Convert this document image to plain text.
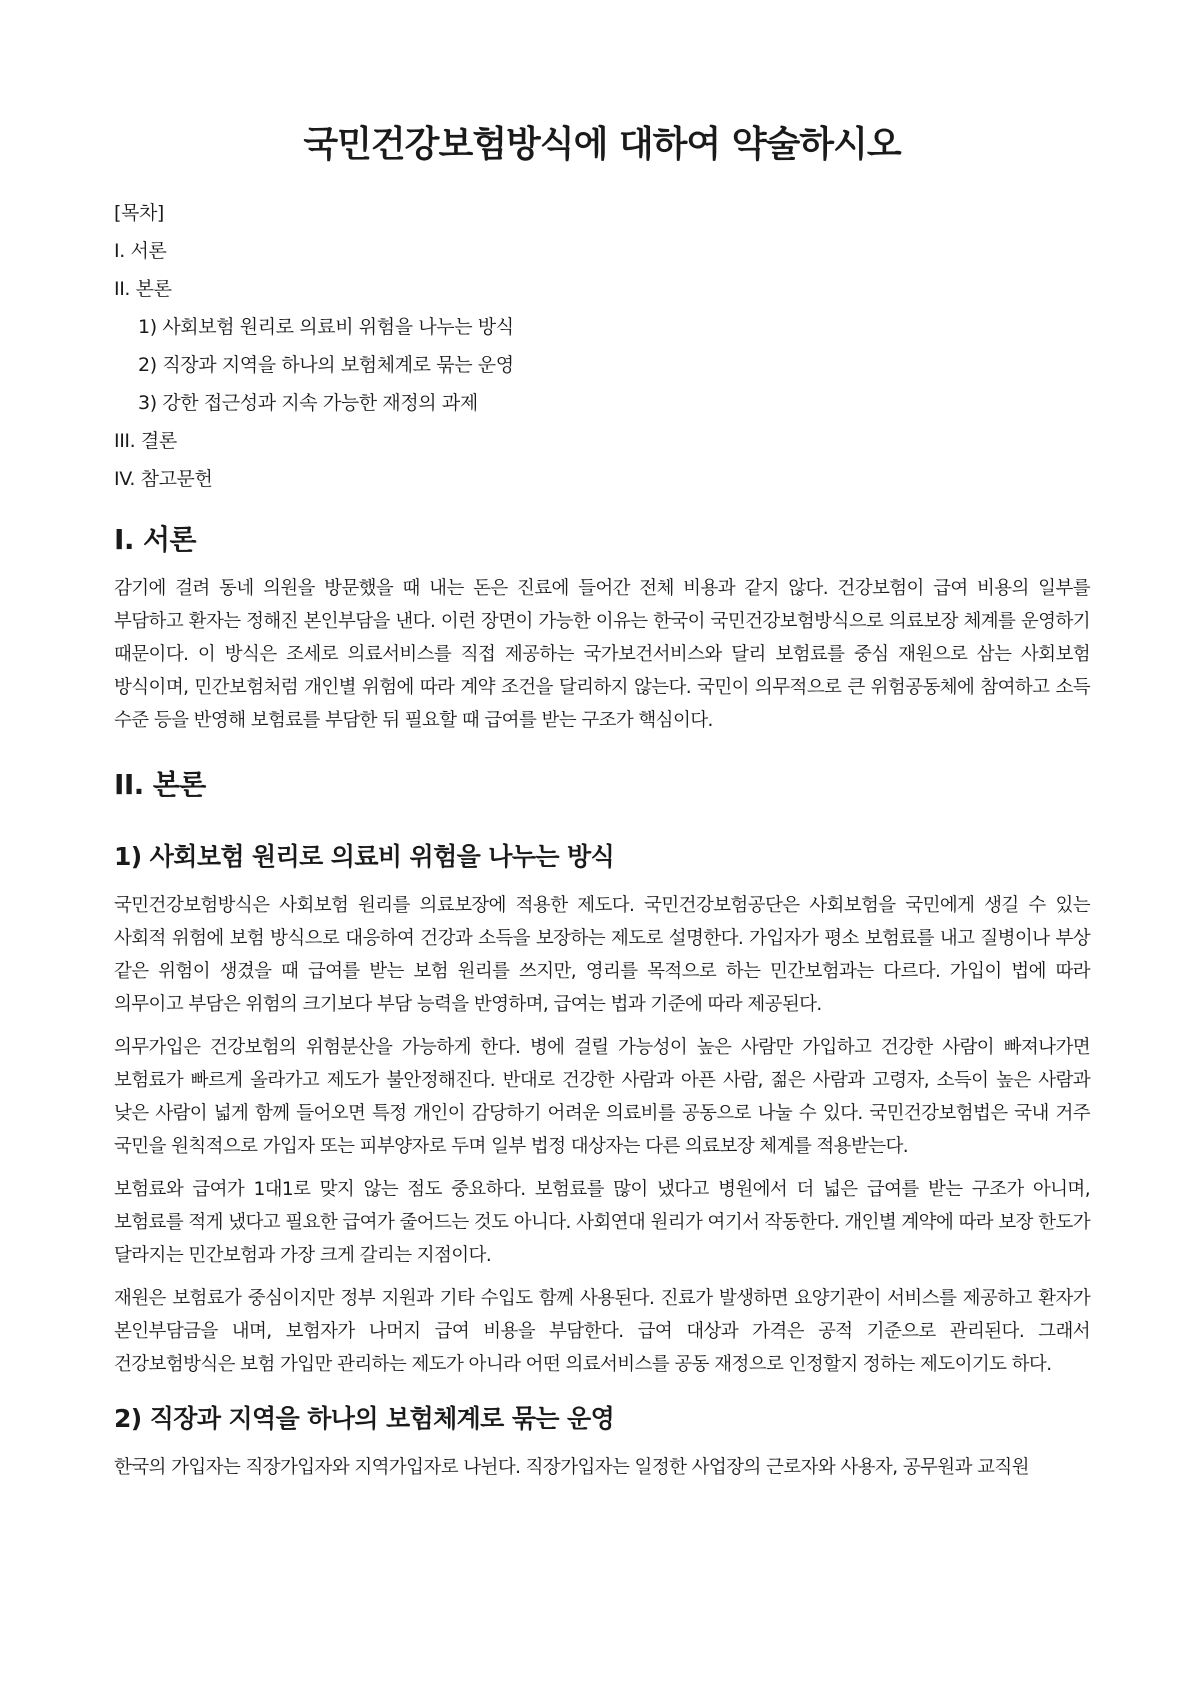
국민건강보험방식에 대하여 약술하시오
[목차]
I. 서론
II. 본론
1) 사회보험 원리로 의료비 위험을 나누는 방식
2) 직장과 지역을 하나의 보험체계로 묶는 운영
3) 강한 접근성과 지속 가능한 재정의 과제
III. 결론
IV. 참고문헌
I. 서론

감기에 걸려 동네 의원을 방문했을 때 내는 돈은 진료에 들어간 전체 비용과 같지 않다. 건강보험이 급여 비용의 일부를 부담하고 환자는 정해진 본인부담을 낸다. 이런 장면이 가능한 이유는 한국이 국민건강보험방식으로 의료보장 체계를 운영하기 때문이다. 이 방식은 조세로 의료서비스를 직접 제공하는 국가보건서비스와 달리 보험료를 중심 재원으로 삼는 사회보험 방식이며, 민간보험처럼 개인별 위험에 따라 계약 조건을 달리하지 않는다. 국민이 의무적으로 큰 위험공동체에 참여하고 소득 수준 등을 반영해 보험료를 부담한 뒤 필요할 때 급여를 받는 구조가 핵심이다.

II. 본론
1) 사회보험 원리로 의료비 위험을 나누는 방식

국민건강보험방식은 사회보험 원리를 의료보장에 적용한 제도다. 국민건강보험공단은 사회보험을 국민에게 생길 수 있는 사회적 위험에 보험 방식으로 대응하여 건강과 소득을 보장하는 제도로 설명한다. 가입자가 평소 보험료를 내고 질병이나 부상 같은 위험이 생겼을 때 급여를 받는 보험 원리를 쓰지만, 영리를 목적으로 하는 민간보험과는 다르다. 가입이 법에 따라 의무이고 부담은 위험의 크기보다 부담 능력을 반영하며, 급여는 법과 기준에 따라 제공된다.

의무가입은 건강보험의 위험분산을 가능하게 한다. 병에 걸릴 가능성이 높은 사람만 가입하고 건강한 사람이 빠져나가면 보험료가 빠르게 올라가고 제도가 불안정해진다. 반대로 건강한 사람과 아픈 사람, 젊은 사람과 고령자, 소득이 높은 사람과 낮은 사람이 넓게 함께 들어오면 특정 개인이 감당하기 어려운 의료비를 공동으로 나눌 수 있다. 국민건강보험법은 국내 거주 국민을 원칙적으로 가입자 또는 피부양자로 두며 일부 법정 대상자는 다른 의료보장 체계를 적용받는다.

보험료와 급여가 1대1로 맞지 않는 점도 중요하다. 보험료를 많이 냈다고 병원에서 더 넓은 급여를 받는 구조가 아니며, 보험료를 적게 냈다고 필요한 급여가 줄어드는 것도 아니다. 사회연대 원리가 여기서 작동한다. 개인별 계약에 따라 보장 한도가 달라지는 민간보험과 가장 크게 갈리는 지점이다.

재원은 보험료가 중심이지만 정부 지원과 기타 수입도 함께 사용된다. 진료가 발생하면 요양기관이 서비스를 제공하고 환자가 본인부담금을 내며, 보험자가 나머지 급여 비용을 부담한다. 급여 대상과 가격은 공적 기준으로 관리된다. 그래서 건강보험방식은 보험 가입만 관리하는 제도가 아니라 어떤 의료서비스를 공동 재정으로 인정할지 정하는 제도이기도 하다.

2) 직장과 지역을 하나의 보험체계로 묶는 운영

한국의 가입자는 직장가입자와 지역가입자로 나뉜다. 직장가입자는 일정한 사업장의 근로자와 사용자, 공무원과 교직원
